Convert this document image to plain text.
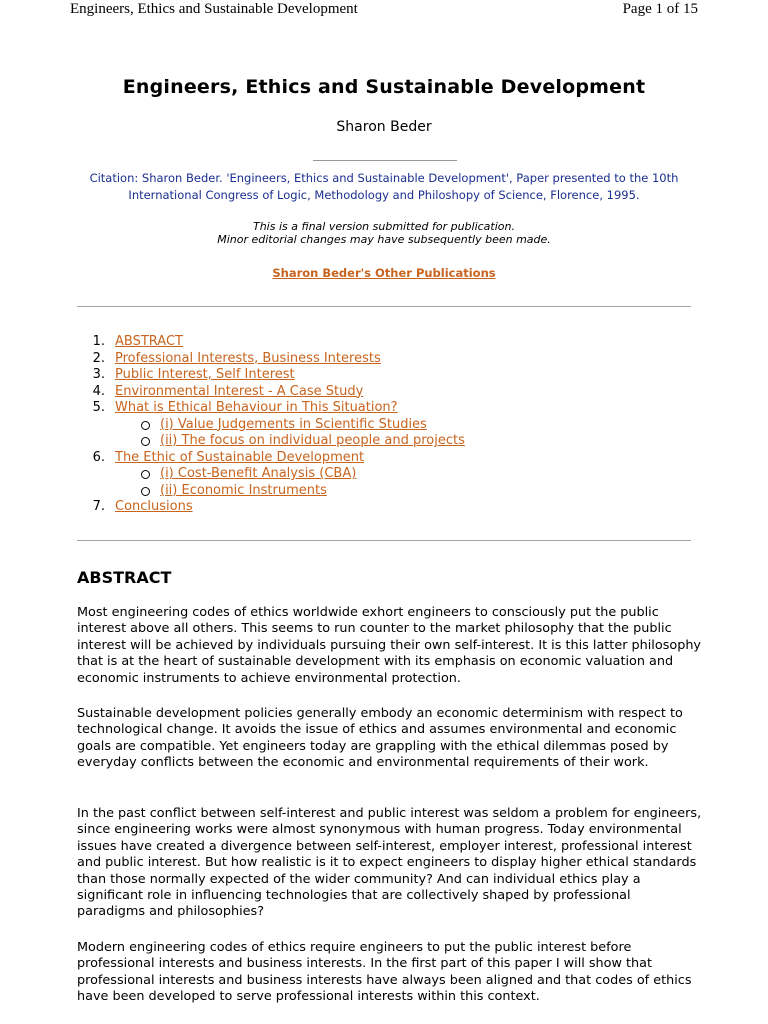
Engineers, Ethics and Sustainable Development	Page 1 of 15
Engineers, Ethics and Sustainable Development
Sharon Beder
Citation: Sharon Beder. 'Engineers, Ethics and Sustainable Development', Paper presented to the 10th
International Congress of Logic, Methodology and Philoshopy of Science, Florence, 1995.
This is a final version submitted for publication.
Minor editorial changes may have subsequently been made.
Sharon Beder's Other Publications
1. ABSTRACT
2. Professional Interests, Business Interests
3. Public Interest, Self Interest
4. Environmental Interest - A Case Study
5. What is Ethical Behaviour in This Situation?
(i) Value Judgements in Scientific Studies
(ii) The focus on individual people and projects
6. The Ethic of Sustainable Development
(i) Cost-Benefit Analysis (CBA)
(ii) Economic Instruments
7. Conclusions
ABSTRACT

Most engineering codes of ethics worldwide exhort engineers to consciously put the public interest above all others. This seems to run counter to the market philosophy that the public interest will be achieved by individuals pursuing their own self-interest. It is this latter philosophy that is at the heart of sustainable development with its emphasis on economic valuation and economic instruments to achieve environmental protection.

Sustainable development policies generally embody an economic determinism with respect to technological change. It avoids the issue of ethics and assumes environmental and economic goals are compatible. Yet engineers today are grappling with the ethical dilemmas posed by everyday conflicts between the economic and environmental requirements of their work.

In the past conflict between self-interest and public interest was seldom a problem for engineers, since engineering works were almost synonymous with human progress. Today environmental issues have created a divergence between self-interest, employer interest, professional interest and public interest. But how realistic is it to expect engineers to display higher ethical standards than those normally expected of the wider community? And can individual ethics play a significant role in influencing technologies that are collectively shaped by professional paradigms and philosophies?

Modern engineering codes of ethics require engineers to put the public interest before professional interests and business interests. In the first part of this paper I will show that professional interests and business interests have always been aligned and that codes of ethics have been developed to serve professional interests within this context.
